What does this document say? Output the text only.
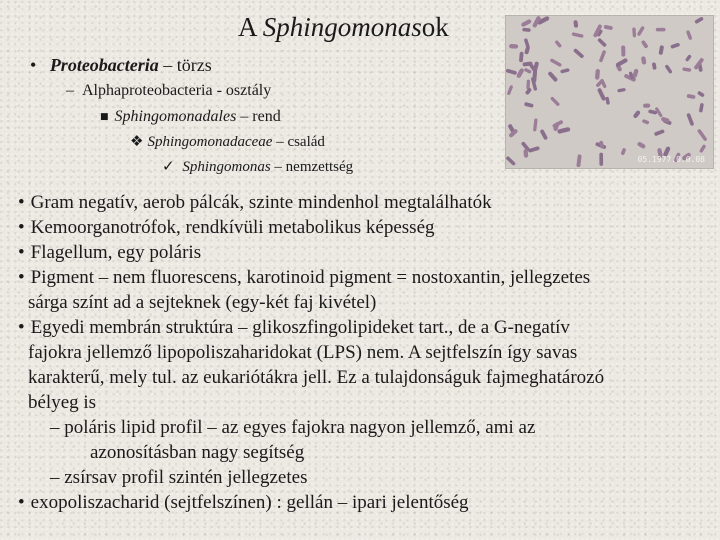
A Sphingomonasok
05.1977.0.0.08
• Proteobacteria – törzs
– Alphaproteobacteria - osztály
■ Sphingomonadales – rend
❖ Sphingomonadaceae – család
✓ Sphingomonas – nemzettség

• Gram negatív, aerob pálcák, szinte mindenhol megtalálhatók

• Kemoorganotrófok, rendkívüli metabolikus képesség

• Flagellum, egy poláris

• Pigment – nem fluorescens, karotinoid pigment = nostoxantin, jellegzetes

sárga színt ad a sejteknek (egy-két faj kivétel)

• Egyedi membrán struktúra – glikoszfingolipideket tart., de a G-negatív

fajokra jellemző lipopoliszaharidokat (LPS) nem. A sejtfelszín így savas

karakterű, mely tul. az eukariótákra jell. Ez a tulajdonságuk fajmeghatározó

bélyeg is

– poláris lipid profil – az egyes fajokra nagyon jellemző, ami az

azonosításban nagy segítség

– zsírsav profil szintén jellegzetes

• exopoliszacharid (sejtfelszínen) : gellán – ipari jelentőség
